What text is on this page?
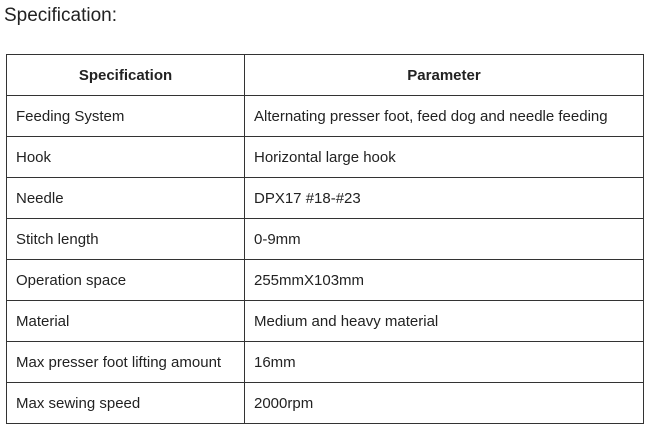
Specification:
Specification	Parameter
Feeding System	Alternating presser foot, feed dog and needle feeding
Hook	Horizontal large hook
Needle	DPX17 #18-#23
Stitch length	0-9mm
Operation space	255mmX103mm
Material	Medium and heavy material
Max presser foot lifting amount	16mm
Max sewing speed	2000rpm
